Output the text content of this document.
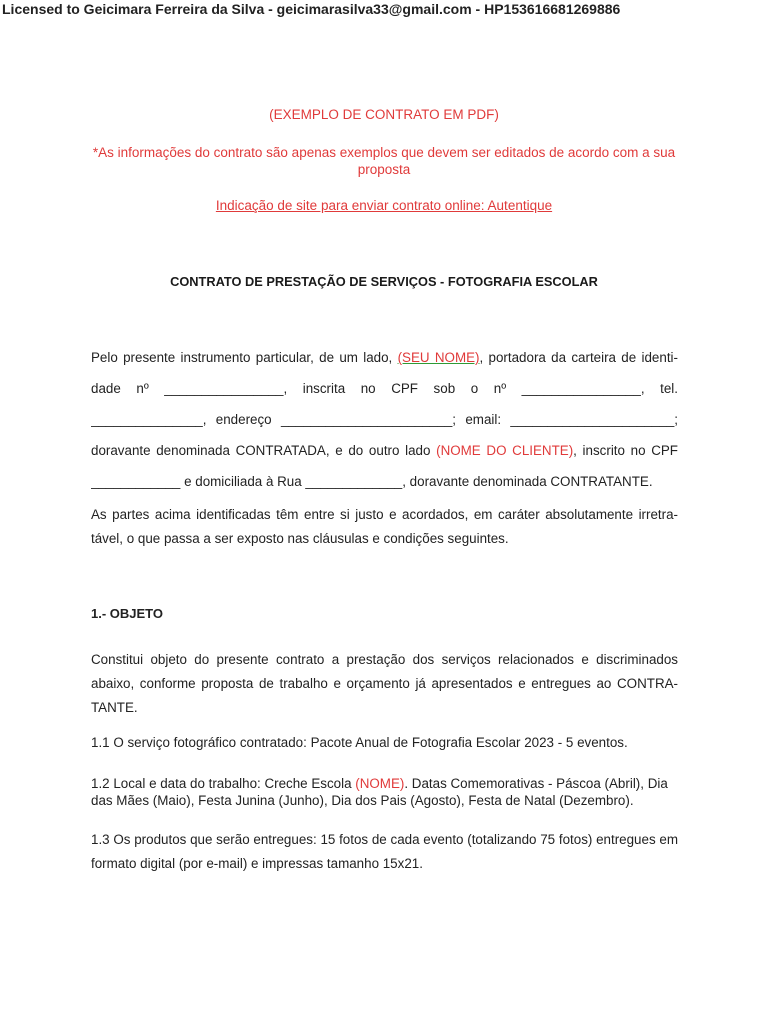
Licensed to Geicimara Ferreira da Silva - geicimarasilva33@gmail.com - HP153616681269886
(EXEMPLO DE CONTRATO EM PDF)
*As informações do contrato são apenas exemplos que devem ser editados de acordo com a sua proposta
Indicação de site para enviar contrato online: Autentique
CONTRATO DE PRESTAÇÃO DE SERVIÇOS - FOTOGRAFIA ESCOLAR
Pelo presente instrumento particular, de um lado, (SEU NOME), portadora da carteira de identi-
dade nº ________________, inscrita no CPF sob o nº ________________, tel.
_______________, endereço _______________________; email: ______________________;
doravante denominada CONTRATADA, e do outro lado (NOME DO CLIENTE), inscrito no CPF
____________ e domiciliada à Rua _____________, doravante denominada CONTRATANTE.
As partes acima identificadas têm entre si justo e acordados, em caráter absolutamente irretra-tável, o que passa a ser exposto nas cláusulas e condições seguintes.
1.- OBJETO
Constitui objeto do presente contrato a prestação dos serviços relacionados e discriminados abaixo, conforme proposta de trabalho e orçamento já apresentados e entregues ao CONTRA-TANTE.
1.1 O serviço fotográfico contratado: Pacote Anual de Fotografia Escolar 2023 - 5 eventos.
1.2 Local e data do trabalho: Creche Escola (NOME). Datas Comemorativas - Páscoa (Abril), Dia das Mães (Maio), Festa Junina (Junho), Dia dos Pais (Agosto), Festa de Natal (Dezembro).
1.3 Os produtos que serão entregues: 15 fotos de cada evento (totalizando 75 fotos) entregues em formato digital (por e-mail) e impressas tamanho 15x21.
